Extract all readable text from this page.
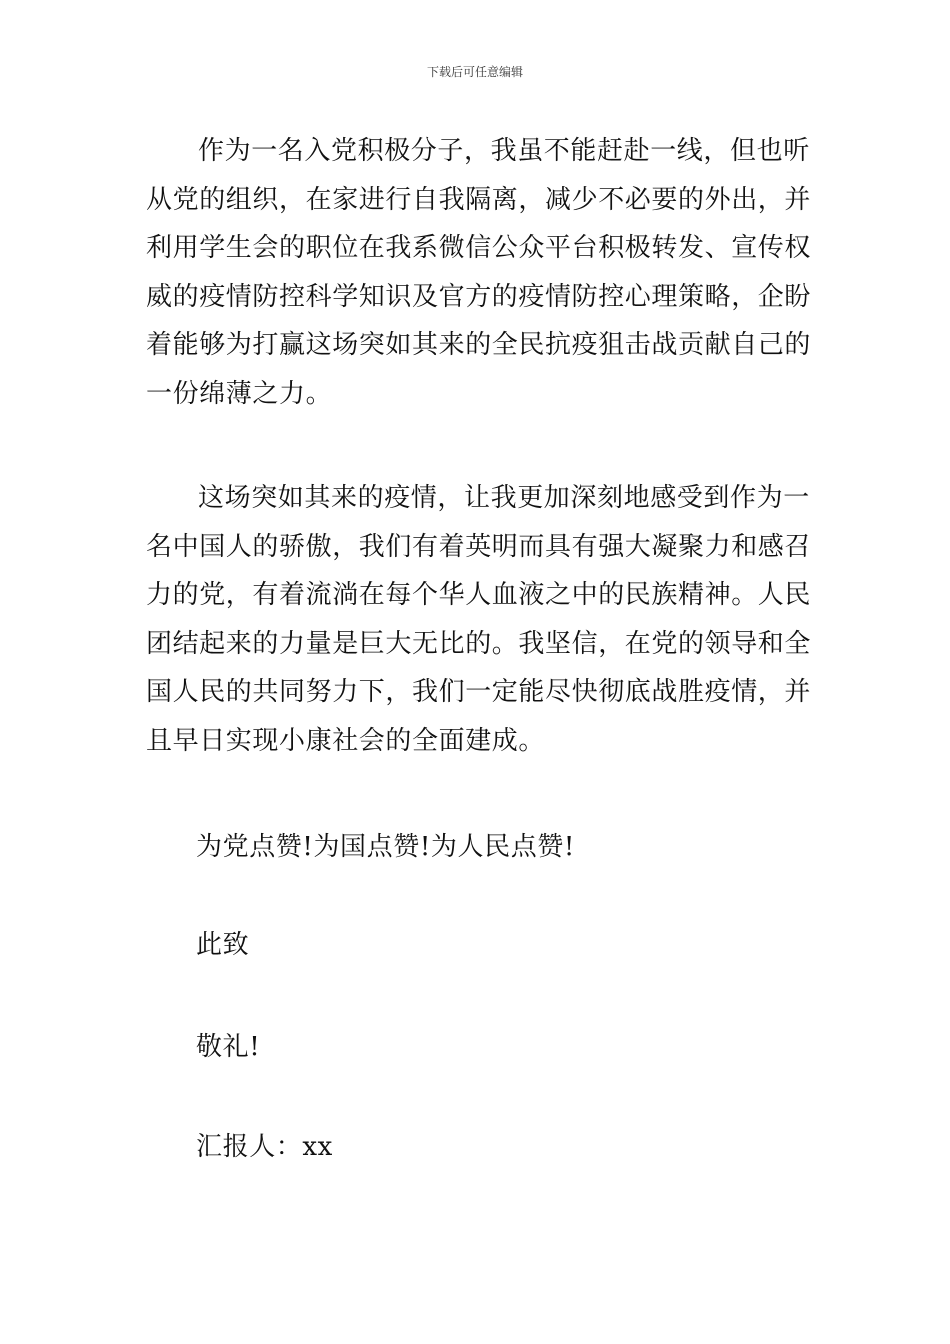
下载后可任意编辑
作为一名入党积极分子，我虽不能赶赴一线，但也听
从党的组织，在家进行自我隔离，减少不必要的外出，并
利用学生会的职位在我系微信公众平台积极转发、宣传权
威的疫情防控科学知识及官方的疫情防控心理策略，企盼
着能够为打赢这场突如其来的全民抗疫狙击战贡献自己的
一份绵薄之力。
这场突如其来的疫情，让我更加深刻地感受到作为一
名中国人的骄傲，我们有着英明而具有强大凝聚力和感召
力的党，有着流淌在每个华人血液之中的民族精神。人民
团结起来的力量是巨大无比的。我坚信，在党的领导和全
国人民的共同努力下，我们一定能尽快彻底战胜疫情，并
且早日实现小康社会的全面建成。

为党点赞!为国点赞!为人民点赞!

此致

敬礼!

汇报人：xx
